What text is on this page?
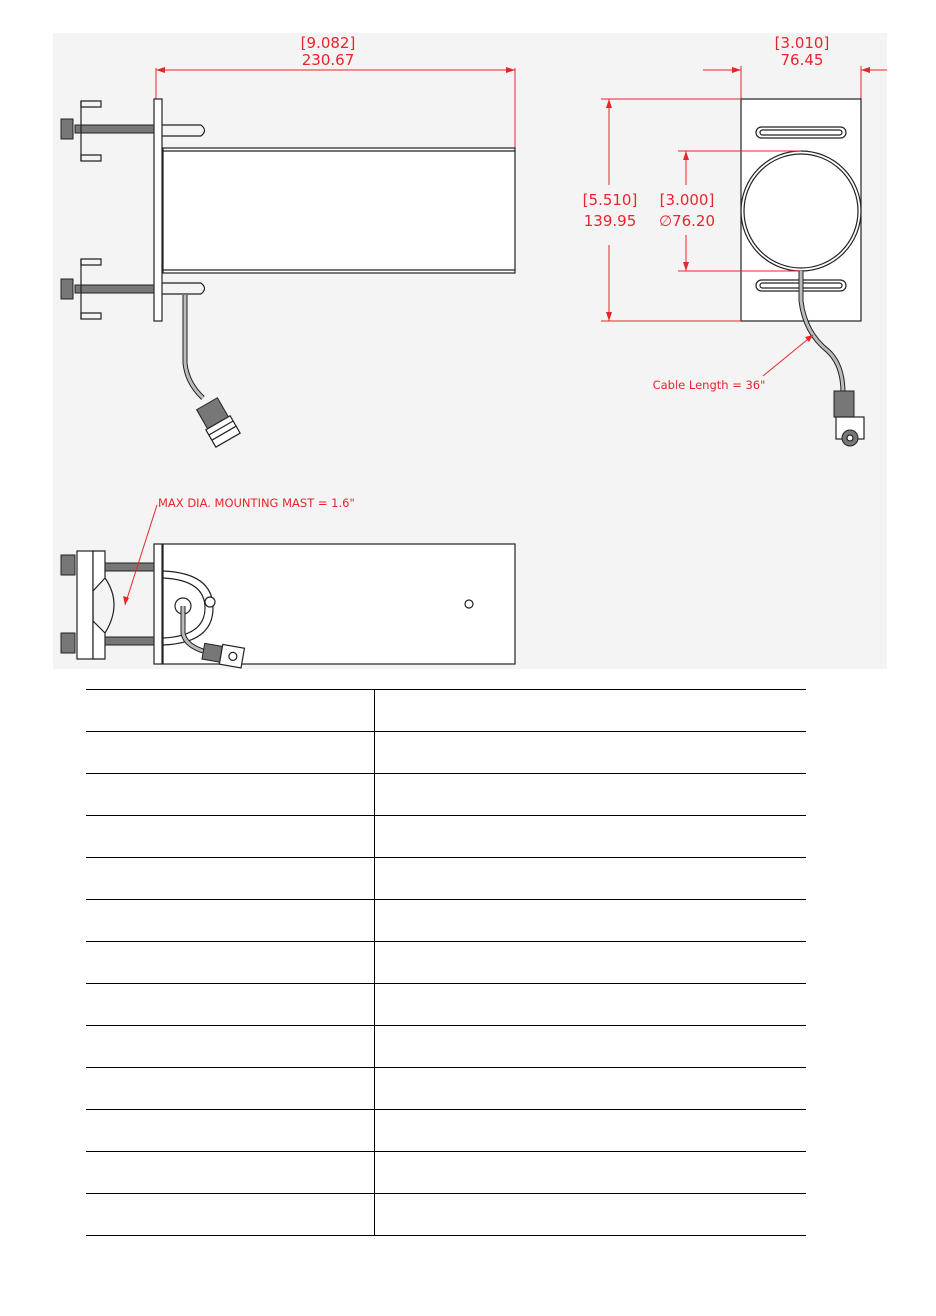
[9.082]
230.67
[3.010]
76.45
[5.510]
139.95
[3.000]
∅76.20
Cable Length = 36"
MAX DIA. MOUNTING MAST = 1.6"
